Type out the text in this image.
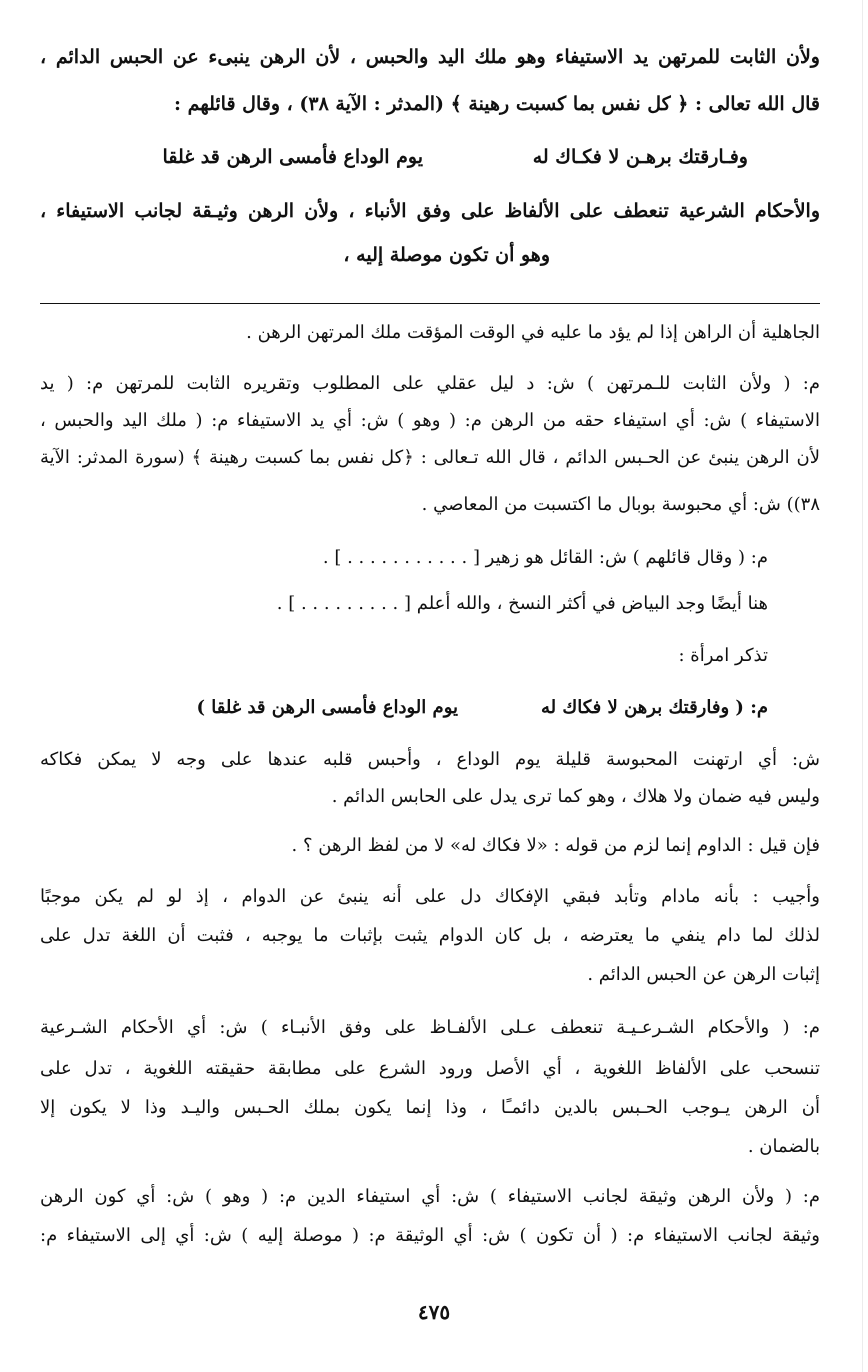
ولأن الثابت للمرتهن يد الاستيفاء وهو ملك اليد والحبس ، لأن الرهن ينبىء عن الحبس الدائم ،
قال الله تعالى : ﴿ كل نفس بما كسبت رهينة ﴾ (المدثر : الآية ٣٨) ، وقال قائلهم :
وفـارقتك برهـن لا فكـاك له
يوم الوداع فأمسى الرهن قد غلقا
والأحكام الشرعية تنعطف على الألفاظ على وفق الأنباء ، ولأن الرهن وثيـقة لجانب الاستيفاء ،
وهو أن تكون موصلة إليه ،
الجاهلية أن الراهن إذا لم يؤد ما عليه في الوقت المؤقت ملك المرتهن الرهن .
م: ( ولأن الثابت للـمرتهن ) ش: د ليل عقلي على المطلوب وتقريره الثابت للمرتهن م: ( يد
الاستيفاء ) ش: أي استيفاء حقه من الرهن م: ( وهو ) ش: أي يد الاستيفاء م: ( ملك اليد والحبس ،
لأن الرهن ينبئ عن الحـبس الدائم ، قال الله تـعالى : ﴿كل نفس بما كسبت رهينة ﴾ (سورة المدثر: الآية
٣٨)) ش: أي محبوسة بوبال ما اكتسبت من المعاصي .
م: ( وقال قائلهم ) ش: القائل هو زهير [ . . . . . . . . . . . ] .
هنا أيضًا وجد البياض في أكثر النسخ ، والله أعلم [ . . . . . . . . . ] .
تذكر امرأة :
م: ( وفارقتك برهن لا فكاك له
يوم الوداع فأمسى الرهن قد غلقا )
ش: أي ارتهنت المحبوسة قليلة يوم الوداع ، وأحبس قلبه عندها على وجه لا يمكن فكاكه
وليس فيه ضمان ولا هلاك ، وهو كما ترى يدل على الحابس الدائم .
فإن قيل : الداوم إنما لزم من قوله : «لا فكاك له» لا من لفظ الرهن ؟ .
وأجيب : بأنه مادام وتأبد فبقي الإفكاك دل على أنه ينبئ عن الدوام ، إذ لو لم يكن موجبًا
لذلك لما دام ينفي ما يعترضه ، بل كان الدوام يثبت بإثبات ما يوجبه ، فثبت أن اللغة تدل على
إثبات الرهن عن الحبس الدائم .
م: ( والأحكام الشـرعـيـة تنعطف عـلى الألفـاظ على وفق الأنبـاء ) ش: أي الأحكام الشـرعية
تنسحب على الألفاظ اللغوية ، أي الأصل ورود الشرع على مطابقة حقيقته اللغوية ، تدل على
أن الرهن يـوجب الحـبس بالدين دائمـًا ، وذا إنما يكون بملك الحـبس واليـد وذا لا يكون إلا
بالضمان .
م: ( ولأن الرهن وثيقة لجانب الاستيفاء ) ش: أي استيفاء الدين م: ( وهو ) ش: أي كون الرهن
وثيقة لجانب الاستيفاء م: ( أن تكون ) ش: أي الوثيقة م: ( موصلة إليه ) ش: أي إلى الاستيفاء م:
٤٧٥
